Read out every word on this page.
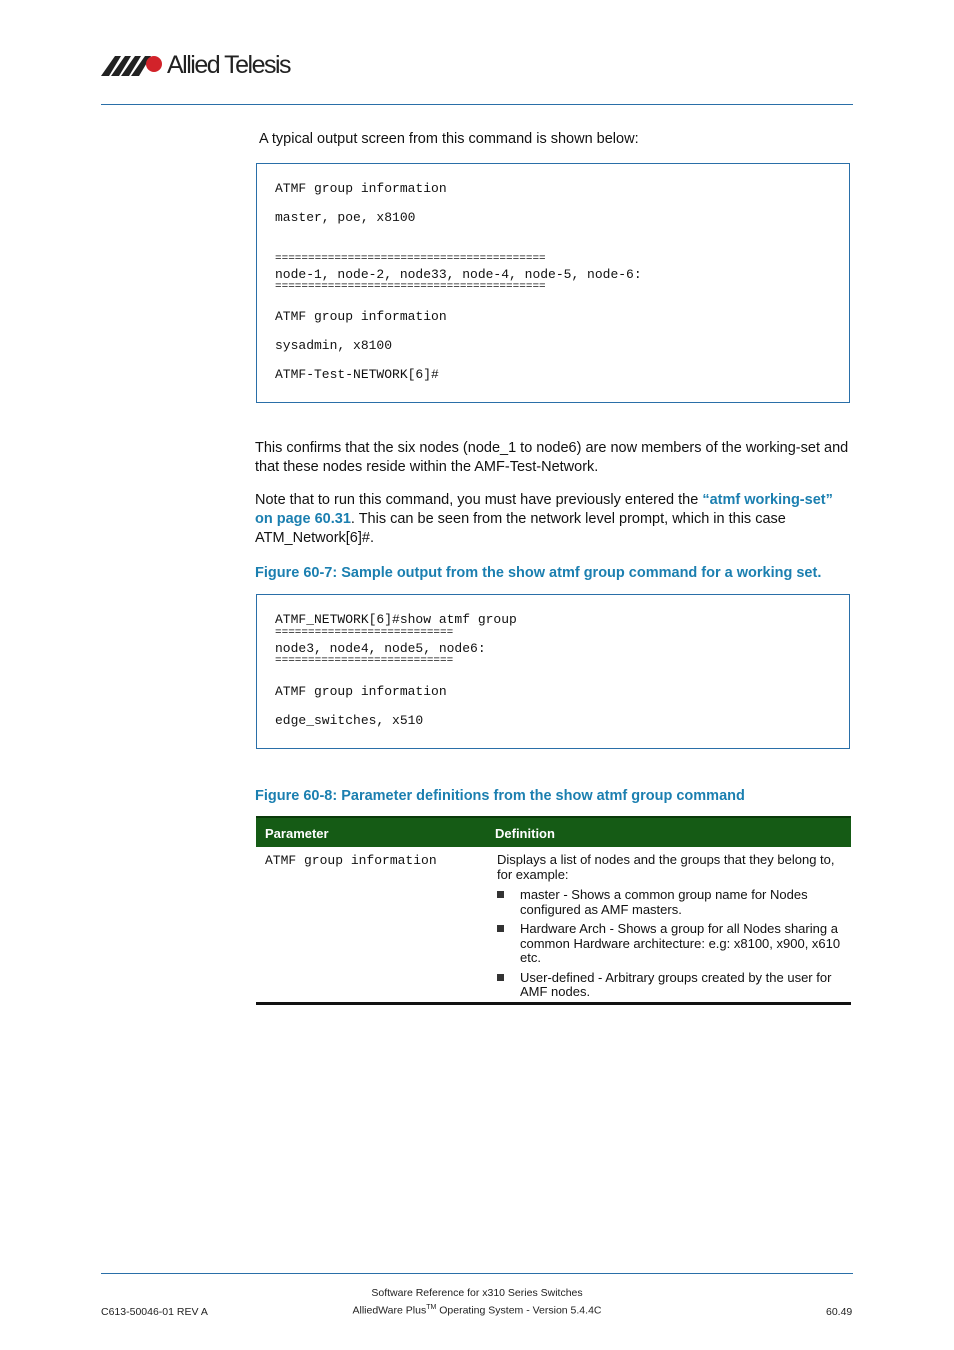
Allied Telesis
A typical output screen from this command is shown below:
ATMF group information
master, poe, x8100
=========================================
node-1, node-2, node33, node-4, node-5, node-6:
=========================================
ATMF group information
sysadmin, x8100
ATMF-Test-NETWORK[6]#
This confirms that the six nodes (node_1 to node6) are now members of the working-set and that these nodes reside within the AMF-Test-Network.
Note that to run this command, you must have previously entered the “atmf working-set” on page 60.31. This can be seen from the network level prompt, which in this case ATM_Network[6]#.
Figure 60-7: Sample output from the show atmf group command for a working set.
ATMF_NETWORK[6]#show atmf group
===========================
node3, node4, node5, node6:
===========================
ATMF group information
edge_switches, x510
Figure 60-8: Parameter definitions from the show atmf group command
Parameter	Definition
ATMF group information	Displays a list of nodes and the groups that they belong to, for example:
master - Shows a common group name for Nodes configured as AMF masters.
Hardware Arch - Shows a group for all Nodes sharing a common Hardware architecture: e.g: x8100, x900, x610 etc.
User-defined - Arbitrary groups created by the user for AMF nodes.
Software Reference for x310 Series Switches
C613-50046-01 REV A	AlliedWare Plus™ Operating System - Version 5.4.4C	60.49
